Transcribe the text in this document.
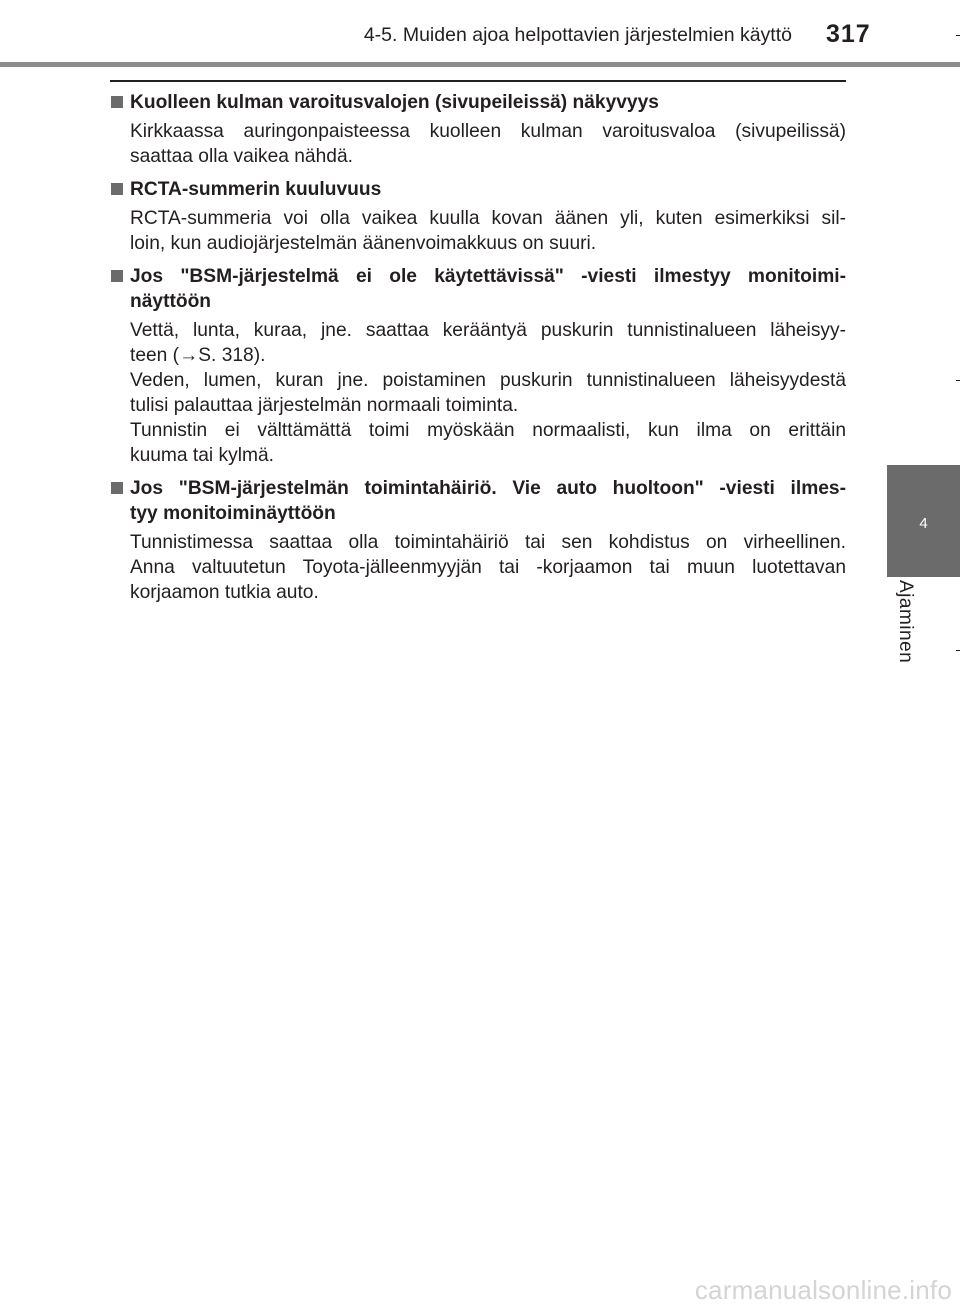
4-5. Muiden ajoa helpottavien järjestelmien käyttö 317
4
Ajaminen
Kuolleen kulman varoitusvalojen (sivupeileissä) näkyvyys
Kirkkaassa auringonpaisteessa kuolleen kulman varoitusvaloa (sivupeilissä)
saattaa olla vaikea nähdä.
RCTA-summerin kuuluvuus
RCTA-summeria voi olla vaikea kuulla kovan äänen yli, kuten esimerkiksi sil-
loin, kun audiojärjestelmän äänenvoimakkuus on suuri.
Jos "BSM-järjestelmä ei ole käytettävissä" -viesti ilmestyy monitoimi-
näyttöön
Vettä, lunta, kuraa, jne. saattaa kerääntyä puskurin tunnistinalueen läheisyy-
teen (→S. 318).
Veden, lumen, kuran jne. poistaminen puskurin tunnistinalueen läheisyydestä
tulisi palauttaa järjestelmän normaali toiminta.
Tunnistin ei välttämättä toimi myöskään normaalisti, kun ilma on erittäin
kuuma tai kylmä.
Jos "BSM-järjestelmän toimintahäiriö. Vie auto huoltoon" -viesti ilmes-
tyy monitoiminäyttöön
Tunnistimessa saattaa olla toimintahäiriö tai sen kohdistus on virheellinen.
Anna valtuutetun Toyota-jälleenmyyjän tai -korjaamon tai muun luotettavan
korjaamon tutkia auto.
carmanualsonline.info
